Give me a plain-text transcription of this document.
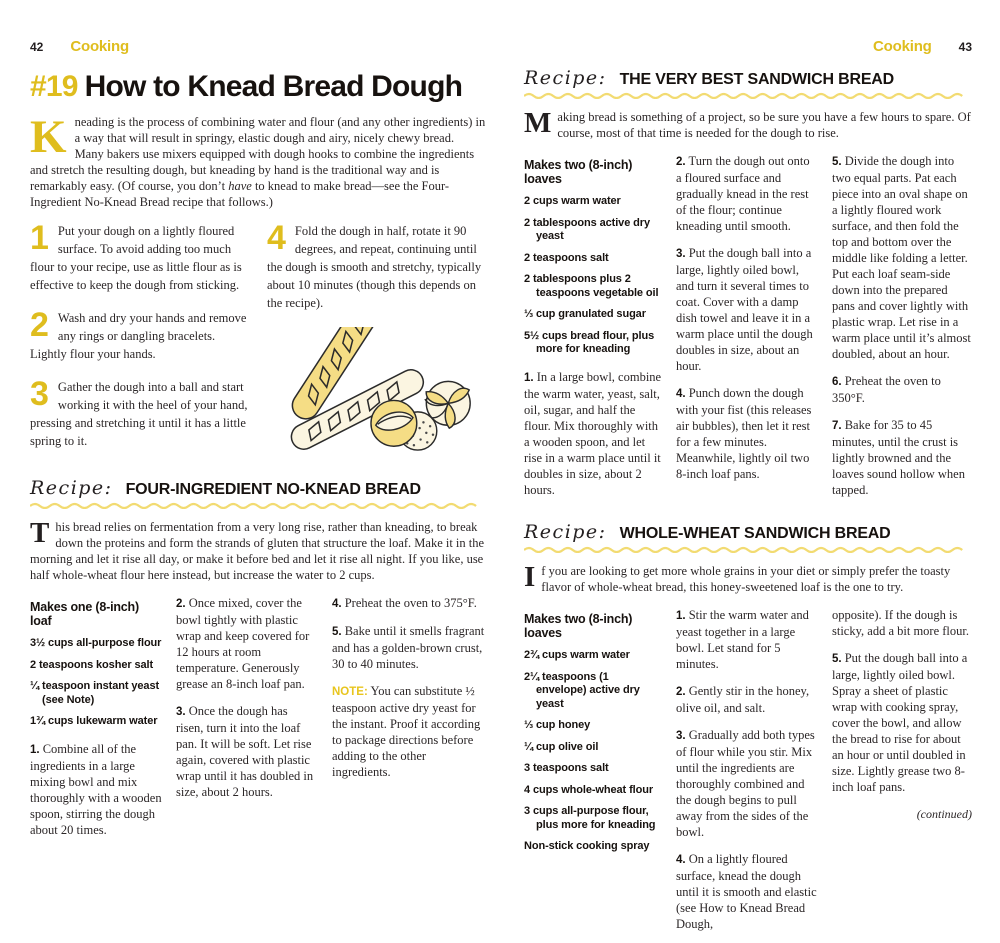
42 Cooking
#19 How to Knead Bread Dough

Kneading is the process of combining water and flour (and any other ingredients) in a way that will result in springy, elastic dough and airy, nicely chewy bread. Many bakers use mixers equipped with dough hooks to combine the ingredients and stretch the resulting dough, but kneading by hand is the traditional way and is remarkably easy. (Of course, you don’t have to knead to make bread—see the Four-Ingredient No-Knead Bread recipe that follows.)

1 Put your dough on a lightly floured surface. To avoid adding too much flour to your recipe, use as little flour as is effective to keep the dough from sticking.
2 Wash and dry your hands and remove any rings or dangling bracelets. Lightly flour your hands.
3 Gather the dough into a ball and start working it with the heel of your hand, pressing and stretching it until it has a little spring to it.
4 Fold the dough in half, rotate it 90 degrees, and repeat, continuing until the dough is smooth and stretchy, typically about 10 minutes (though this depends on the recipe).
Recipe: FOUR-INGREDIENT NO-KNEAD BREAD

This bread relies on fermentation from a very long rise, rather than kneading, to break down the proteins and form the strands of gluten that structure the loaf. Make it in the morning and let it rise all day, or make it before bed and let it rise all night. If you like, use half whole-wheat flour here instead, but increase the water to 2 cups.

Makes one (8-inch) loaf
3½ cups all-purpose flour
2 teaspoons kosher salt
¼ teaspoon instant yeast (see Note)
1¾ cups lukewarm water

1. Combine all of the ingredients in a large mixing bowl and mix thoroughly with a wooden spoon, stirring the dough about 20 times.

2. Once mixed, cover the bowl tightly with plastic wrap and keep covered for 12 hours at room temperature. Generously grease an 8-inch loaf pan.

3. Once the dough has risen, turn it into the loaf pan. It will be soft. Let rise again, covered with plastic wrap until it has doubled in size, about 2 hours.

4. Preheat the oven to 375°F.

5. Bake until it smells fragrant and has a golden-brown crust, 30 to 40 minutes.

NOTE: You can substitute ½ teaspoon active dry yeast for the instant. Proof it according to package directions before adding to the other ingredients.

Cooking 43
Recipe: THE VERY BEST SANDWICH BREAD

Making bread is something of a project, so be sure you have a few hours to spare. Of course, most of that time is needed for the dough to rise.

Makes two (8-inch) loaves
2 cups warm water
2 tablespoons active dry yeast
2 teaspoons salt
2 tablespoons plus 2 teaspoons vegetable oil
⅓ cup granulated sugar
5½ cups bread flour, plus more for kneading

1. In a large bowl, combine the warm water, yeast, salt, oil, sugar, and half the flour. Mix thoroughly with a wooden spoon, and let rise in a warm place until it doubles in size, about 2 hours.

2. Turn the dough out onto a floured surface and gradually knead in the rest of the flour; continue kneading until smooth.

3. Put the dough ball into a large, lightly oiled bowl, and turn it several times to coat. Cover with a damp dish towel and leave it in a warm place until the dough doubles in size, about an hour.

4. Punch down the dough with your fist (this releases air bubbles), then let it rest for a few minutes. Meanwhile, lightly oil two 8-inch loaf pans.

5. Divide the dough into two equal parts. Pat each piece into an oval shape on a lightly floured work surface, and then fold the top and bottom over the middle like folding a letter. Put each loaf seam-side down into the prepared pans and cover lightly with plastic wrap. Let rise in a warm place until it’s almost doubled, about an hour.

6. Preheat the oven to 350°F.

7. Bake for 35 to 45 minutes, until the crust is lightly browned and the loaves sound hollow when tapped.

Recipe: WHOLE-WHEAT SANDWICH BREAD

If you are looking to get more whole grains in your diet or simply prefer the toasty flavor of whole-wheat bread, this honey-sweetened loaf is the one to try.

Makes two (8-inch) loaves
2¾ cups warm water
2¼ teaspoons (1 envelope) active dry yeast
⅓ cup honey
¼ cup olive oil
3 teaspoons salt
4 cups whole-wheat flour
3 cups all-purpose flour, plus more for kneading
Non-stick cooking spray

1. Stir the warm water and yeast together in a large bowl. Let stand for 5 minutes.

2. Gently stir in the honey, olive oil, and salt.

3. Gradually add both types of flour while you stir. Mix until the ingredients are thoroughly combined and the dough begins to pull away from the sides of the bowl.

4. On a lightly floured surface, knead the dough until it is smooth and elastic (see How to Knead Bread Dough,

opposite). If the dough is sticky, add a bit more flour.

5. Put the dough ball into a large, lightly oiled bowl. Spray a sheet of plastic wrap with cooking spray, cover the bowl, and allow the bread to rise for about an hour or until doubled in size. Lightly grease two 8-inch loaf pans.

(continued)
